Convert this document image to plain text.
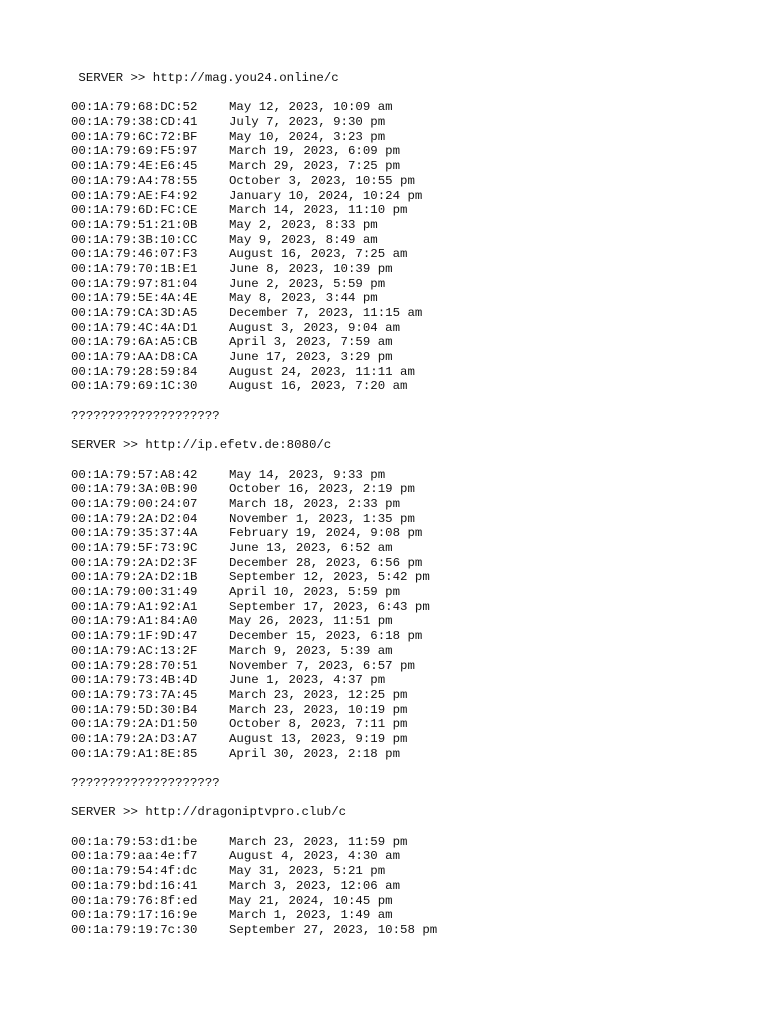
SERVER >> http://mag.you24.online/c
00:1A:79:68:DC:52	May 12, 2023, 10:09 am
00:1A:79:38:CD:41	July 7, 2023, 9:30 pm
00:1A:79:6C:72:BF	May 10, 2024, 3:23 pm
00:1A:79:69:F5:97	March 19, 2023, 6:09 pm
00:1A:79:4E:E6:45	March 29, 2023, 7:25 pm
00:1A:79:A4:78:55	October 3, 2023, 10:55 pm
00:1A:79:AE:F4:92	January 10, 2024, 10:24 pm
00:1A:79:6D:FC:CE	March 14, 2023, 11:10 pm
00:1A:79:51:21:0B	May 2, 2023, 8:33 pm
00:1A:79:3B:10:CC	May 9, 2023, 8:49 am
00:1A:79:46:07:F3	August 16, 2023, 7:25 am
00:1A:79:70:1B:E1	June 8, 2023, 10:39 pm
00:1A:79:97:81:04	June 2, 2023, 5:59 pm
00:1A:79:5E:4A:4E	May 8, 2023, 3:44 pm
00:1A:79:CA:3D:A5	December 7, 2023, 11:15 am
00:1A:79:4C:4A:D1	August 3, 2023, 9:04 am
00:1A:79:6A:A5:CB	April 3, 2023, 7:59 am
00:1A:79:AA:D8:CA	June 17, 2023, 3:29 pm
00:1A:79:28:59:84	August 24, 2023, 11:11 am
00:1A:79:69:1C:30	August 16, 2023, 7:20 am
????????????????????
SERVER >> http://ip.efetv.de:8080/c
00:1A:79:57:A8:42	May 14, 2023, 9:33 pm
00:1A:79:3A:0B:90	October 16, 2023, 2:19 pm
00:1A:79:00:24:07	March 18, 2023, 2:33 pm
00:1A:79:2A:D2:04	November 1, 2023, 1:35 pm
00:1A:79:35:37:4A	February 19, 2024, 9:08 pm
00:1A:79:5F:73:9C	June 13, 2023, 6:52 am
00:1A:79:2A:D2:3F	December 28, 2023, 6:56 pm
00:1A:79:2A:D2:1B	September 12, 2023, 5:42 pm
00:1A:79:00:31:49	April 10, 2023, 5:59 pm
00:1A:79:A1:92:A1	September 17, 2023, 6:43 pm
00:1A:79:A1:84:A0	May 26, 2023, 11:51 pm
00:1A:79:1F:9D:47	December 15, 2023, 6:18 pm
00:1A:79:AC:13:2F	March 9, 2023, 5:39 am
00:1A:79:28:70:51	November 7, 2023, 6:57 pm
00:1A:79:73:4B:4D	June 1, 2023, 4:37 pm
00:1A:79:73:7A:45	March 23, 2023, 12:25 pm
00:1A:79:5D:30:B4	March 23, 2023, 10:19 pm
00:1A:79:2A:D1:50	October 8, 2023, 7:11 pm
00:1A:79:2A:D3:A7	August 13, 2023, 9:19 pm
00:1A:79:A1:8E:85	April 30, 2023, 2:18 pm
????????????????????
SERVER >> http://dragoniptvpro.club/c
00:1a:79:53:d1:be	March 23, 2023, 11:59 pm
00:1a:79:aa:4e:f7	August 4, 2023, 4:30 am
00:1a:79:54:4f:dc	May 31, 2023, 5:21 pm
00:1a:79:bd:16:41	March 3, 2023, 12:06 am
00:1a:79:76:8f:ed	May 21, 2024, 10:45 pm
00:1a:79:17:16:9e	March 1, 2023, 1:49 am
00:1a:79:19:7c:30	September 27, 2023, 10:58 pm
